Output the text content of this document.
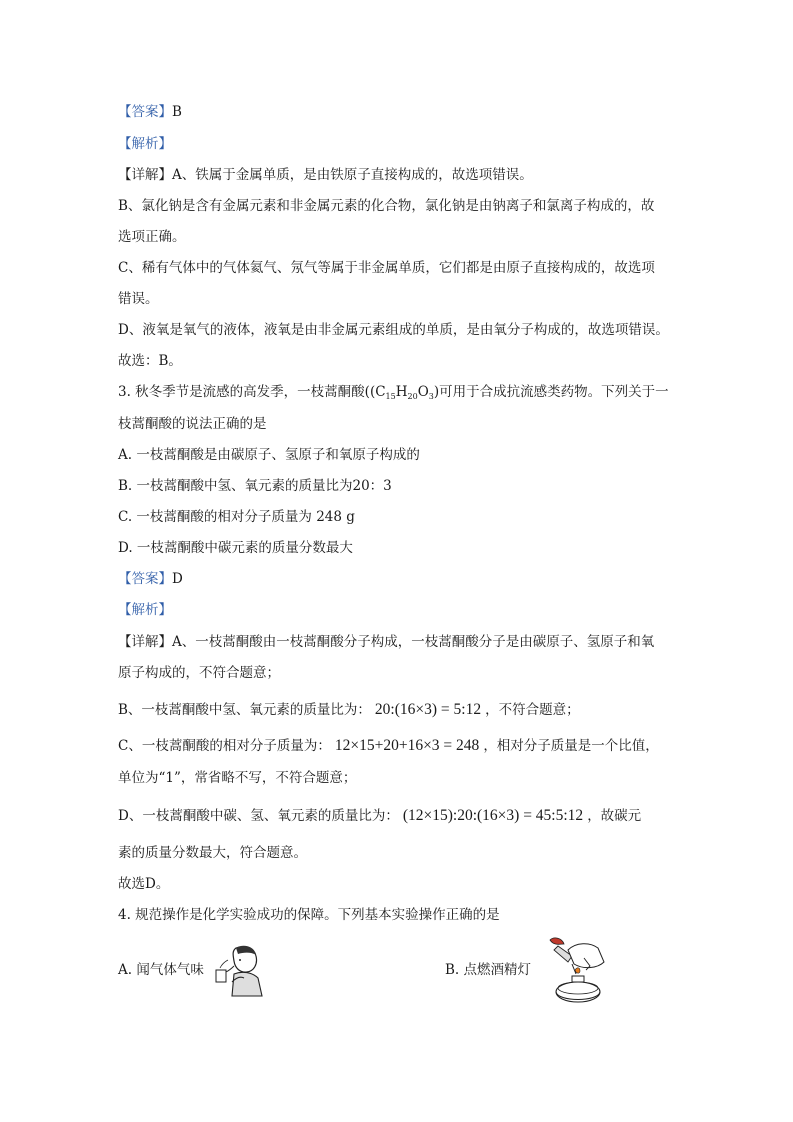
【答案】B
【解析】
【详解】A、铁属于金属单质，是由铁原子直接构成的，故选项错误。
B、氯化钠是含有金属元素和非金属元素的化合物，氯化钠是由钠离子和氯离子构成的，故
选项正确。
C、稀有气体中的气体氦气、氖气等属于非金属单质，它们都是由原子直接构成的，故选项
错误。
D、液氧是氧气的液体，液氧是由非金属元素组成的单质，是由氧分子构成的，故选项错误。
故选：B。
3. 秋冬季节是流感的高发季，一枝蒿酮酸($(C_{15}H_{20}O_3)$可用于合成抗流感类药物。下列关于一
枝蒿酮酸的说法正确的是
A. 一枝蒿酮酸是由碳原子、氢原子和氧原子构成的
B. 一枝蒿酮酸中氢、氧元素的质量比为20：3
C. 一枝蒿酮酸的相对分子质量为 248 g
D. 一枝蒿酮酸中碳元素的质量分数最大
【答案】D
【解析】
【详解】A、一枝蒿酮酸由一枝蒿酮酸分子构成，一枝蒿酮酸分子是由碳原子、氢原子和氧
原子构成的，不符合题意；
B、一枝蒿酮酸中氢、氧元素的质量比为： 20:(16×3) = 5:12 ，不符合题意；
C、一枝蒿酮酸的相对分子质量为： 12×15+20+16×3 = 248 ，相对分子质量是一个比值，
单位为“1”，常省略不写，不符合题意；
D、一枝蒿酮酸中碳、氢、氧元素的质量比为： (12×15):20:(16×3) = 45:5:12 ，故碳元
素的质量分数最大，符合题意。
故选D。
4. 规范操作是化学实验成功的保障。下列基本实验操作正确的是
A. 闻气体气味	B. 点燃酒精灯
